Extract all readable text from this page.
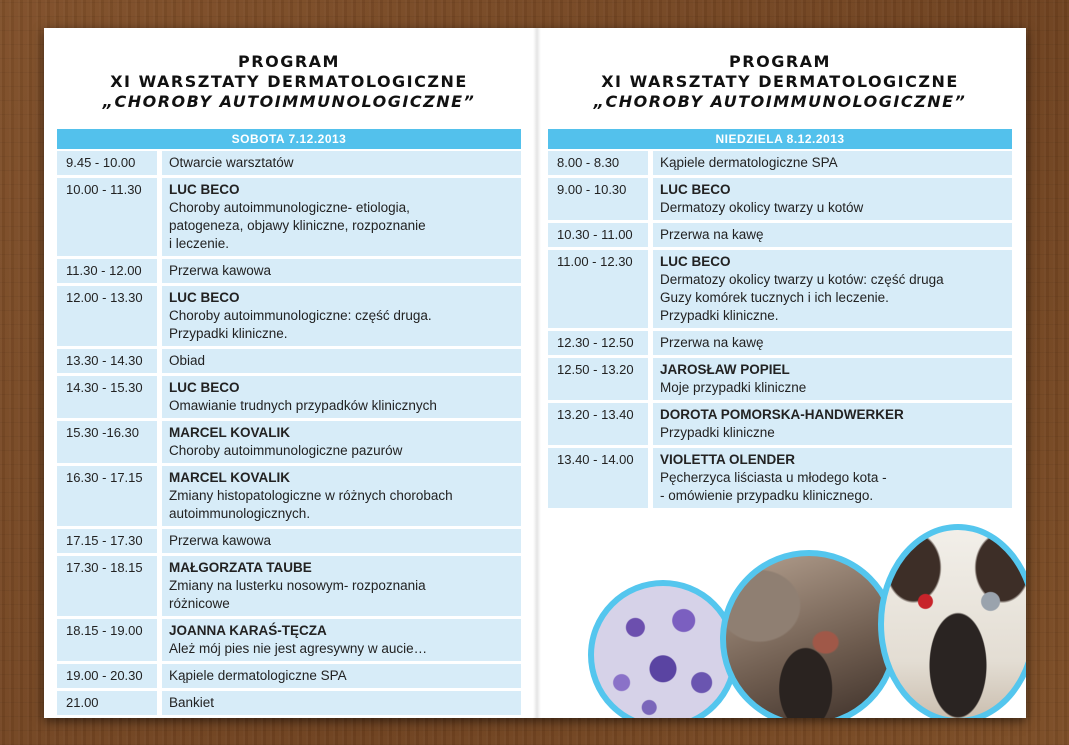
PROGRAM
XI WARSZTATY DERMATOLOGICZNE
„CHOROBY AUTOIMMUNOLOGICZNE”
SOBOTA 7.12.2013
9.45 - 10.00	Otwarcie warsztatów
10.00 - 11.30	LUC BECO
Choroby autoimmunologiczne- etiologia,
patogeneza, objawy kliniczne, rozpoznanie
i leczenie.
11.30 - 12.00	Przerwa kawowa
12.00 - 13.30	LUC BECO
Choroby autoimmunologiczne: część druga.
Przypadki kliniczne.
13.30 - 14.30	Obiad
14.30 - 15.30	LUC BECO
Omawianie trudnych przypadków klinicznych
15.30 -16.30	MARCEL KOVALIK
Choroby autoimmunologiczne pazurów
16.30 - 17.15	MARCEL KOVALIK
Zmiany histopatologiczne w różnych chorobach
autoimmunologicznych.
17.15 - 17.30	Przerwa kawowa
17.30 - 18.15	MAŁGORZATA TAUBE
Zmiany na lusterku nosowym- rozpoznania
różnicowe
18.15 - 19.00	JOANNA KARAŚ-TĘCZA
Ależ mój pies nie jest agresywny w aucie…
19.00 - 20.30	Kąpiele dermatologiczne SPA
21.00	Bankiet
PROGRAM
XI WARSZTATY DERMATOLOGICZNE
„CHOROBY AUTOIMMUNOLOGICZNE”
NIEDZIELA 8.12.2013
8.00 - 8.30	Kąpiele dermatologiczne SPA
9.00 - 10.30	LUC BECO
Dermatozy okolicy twarzy u kotów
10.30 - 11.00	Przerwa na kawę
11.00 - 12.30	LUC BECO
Dermatozy okolicy twarzy u kotów: część druga
Guzy komórek tucznych i ich leczenie.
Przypadki kliniczne.
12.30 - 12.50	Przerwa na kawę
12.50 - 13.20	JAROSŁAW POPIEL
Moje przypadki kliniczne
13.20 - 13.40	DOROTA POMORSKA-HANDWERKER
Przypadki kliniczne
13.40 - 14.00	VIOLETTA OLENDER
Pęcherzyca liściasta u młodego kota -
- omówienie przypadku klinicznego.
